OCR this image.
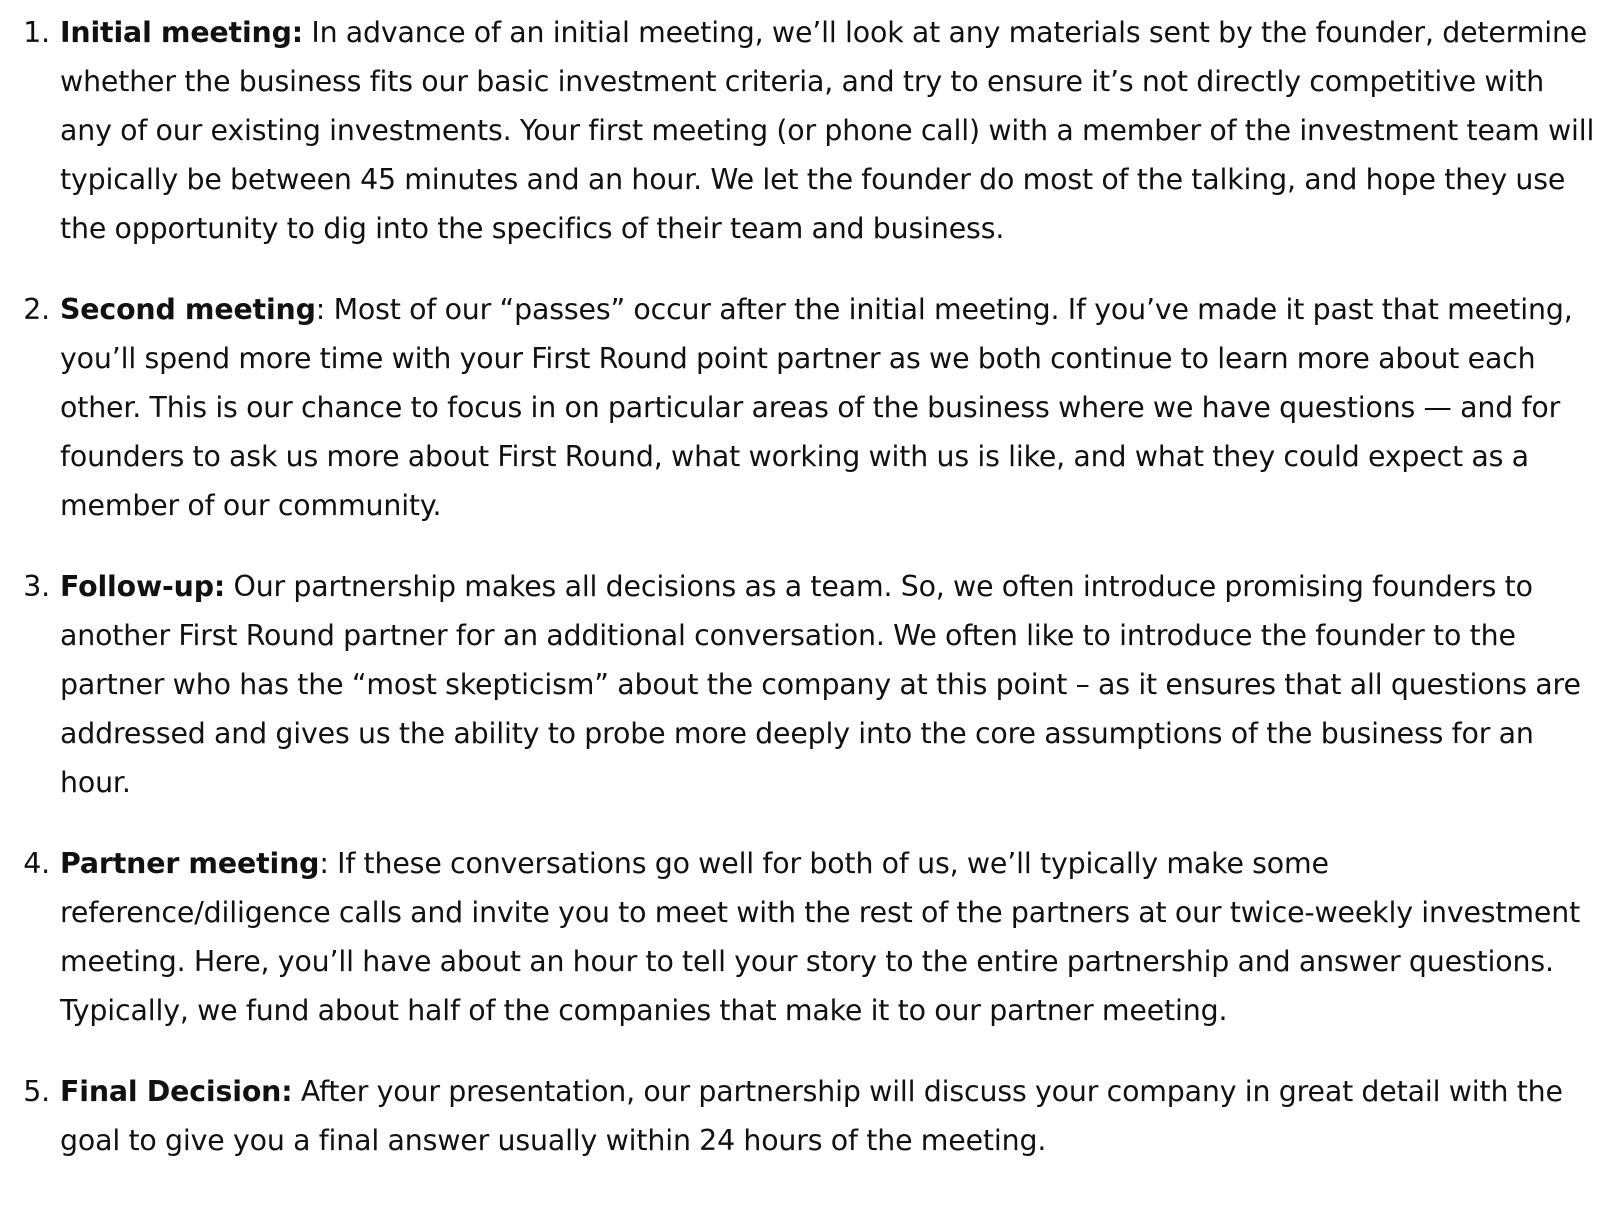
1. Initial meeting: In advance of an initial meeting, we’ll look at any materials sent by the founder, determine whether the business fits our basic investment criteria, and try to ensure it’s not directly competitive with any of our existing investments. Your first meeting (or phone call) with a member of the investment team will typically be between 45 minutes and an hour. We let the founder do most of the talking, and hope they use the opportunity to dig into the specifics of their team and business.
2. Second meeting: Most of our “passes” occur after the initial meeting. If you’ve made it past that meeting, you’ll spend more time with your First Round point partner as we both continue to learn more about each other. This is our chance to focus in on particular areas of the business where we have questions — and for founders to ask us more about First Round, what working with us is like, and what they could expect as a member of our community.
3. Follow-up: Our partnership makes all decisions as a team. So, we often introduce promising founders to another First Round partner for an additional conversation. We often like to introduce the founder to the partner who has the “most skepticism” about the company at this point – as it ensures that all questions are addressed and gives us the ability to probe more deeply into the core assumptions of the business for an hour.
4. Partner meeting: If these conversations go well for both of us, we’ll typically make some reference/diligence calls and invite you to meet with the rest of the partners at our twice-weekly investment meeting. Here, you’ll have about an hour to tell your story to the entire partnership and answer questions. Typically, we fund about half of the companies that make it to our partner meeting.
5. Final Decision: After your presentation, our partnership will discuss your company in great detail with the goal to give you a final answer usually within 24 hours of the meeting.
